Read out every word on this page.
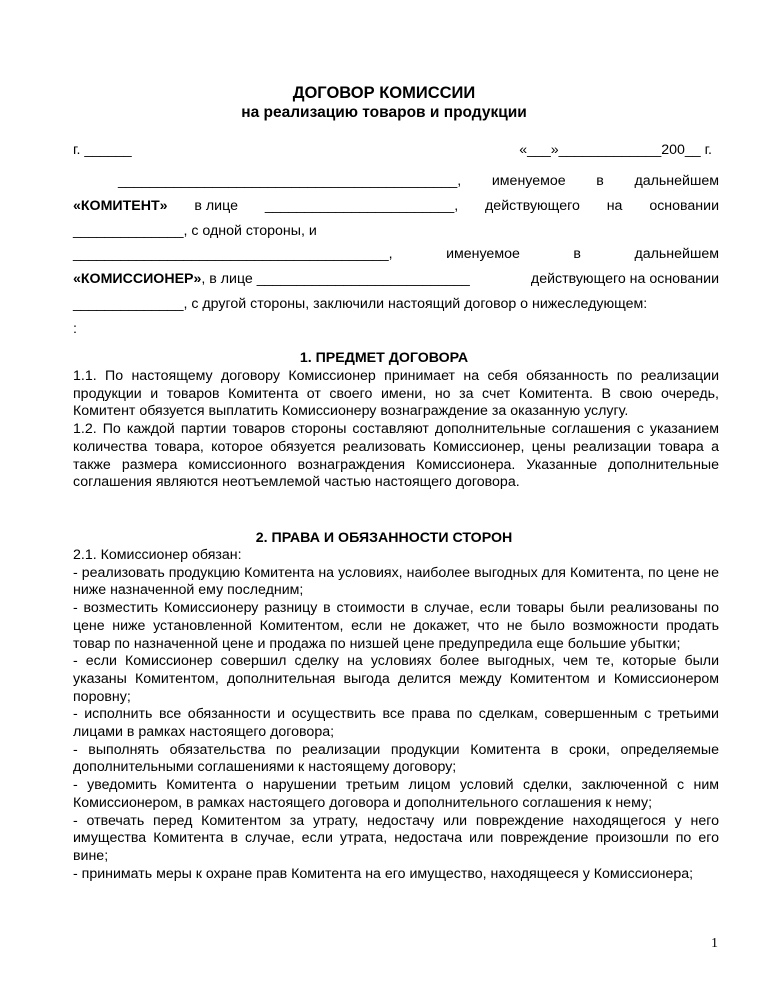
ДОГОВОР КОМИССИИ
на реализацию товаров и продукции
г. ______	«___»_____________200__ г.
___________________________________________, именуемое в дальнейшем
«КОМИТЕНТ» в лице ________________________, действующего на основании
______________, с одной стороны, и
________________________________________,	именуемое	в	дальнейшем
«КОМИССИОНЕР», в лице ___________________________	действующего на основании
______________, с другой стороны, заключили настоящий договор о нижеследующем:
:
1. ПРЕДМЕТ ДОГОВОРА

1.1. По настоящему договору Комиссионер принимает на себя обязанность по реализации продукции и товаров Комитента от своего имени, но за счет Комитента. В свою очередь, Комитент обязуется выплатить Комиссионеру вознаграждение за оказанную услугу.

1.2. По каждой партии товаров стороны составляют дополнительные соглашения с указанием количества товара, которое обязуется реализовать Комиссионер, цены реализации товара а также размера комиссионного вознаграждения Комиссионера. Указанные дополнительные соглашения являются неотъемлемой частью настоящего договора.

2. ПРАВА И ОБЯЗАННОСТИ СТОРОН

2.1. Комиссионер обязан:

- реализовать продукцию Комитента на условиях, наиболее выгодных для Комитента, по цене не ниже назначенной ему последним;

- возместить Комиссионеру разницу в стоимости в случае, если товары были реализованы по цене ниже установленной Комитентом, если не докажет, что не было возможности продать товар по назначенной цене и продажа по низшей цене предупредила еще большие убытки;

- если Комиссионер совершил сделку на условиях более выгодных, чем те, которые были указаны Комитентом, дополнительная выгода делится между Комитентом и Комиссионером поровну;

- исполнить все обязанности и осуществить все права по сделкам, совершенным с третьими лицами в рамках настоящего договора;

- выполнять обязательства по реализации продукции Комитента в сроки, определяемые дополнительными соглашениями к настоящему договору;

- уведомить Комитента о нарушении третьим лицом условий сделки, заключенной с ним Комиссионером, в рамках настоящего договора и дополнительного соглашения к нему;

- отвечать перед Комитентом за утрату, недостачу или повреждение находящегося у него имущества Комитента в случае, если утрата, недостача или повреждение произошли по его вине;

- принимать меры к охране прав Комитента на его имущество, находящееся у Комиссионера;

1
